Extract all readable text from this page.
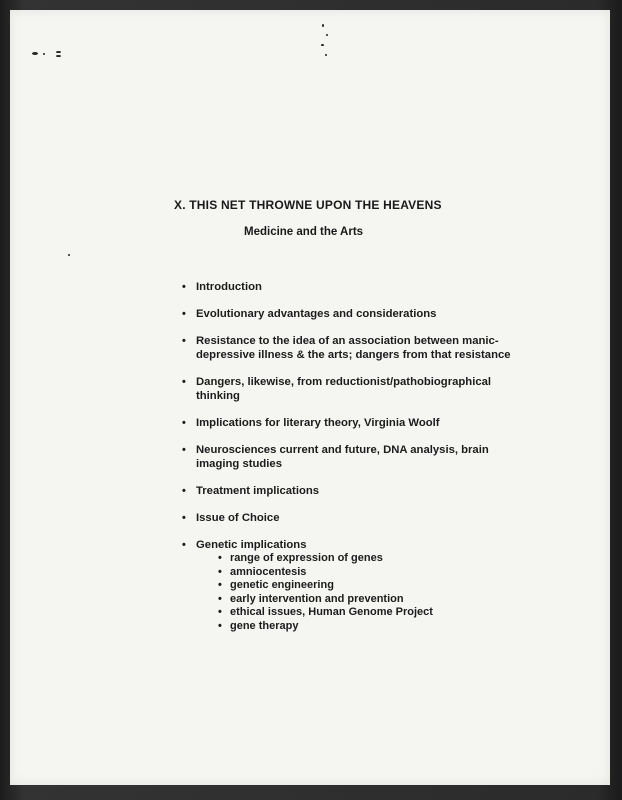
X. THIS NET THROWNE UPON THE HEAVENS
Medicine and the Arts
• Introduction
• Evolutionary advantages and considerations
• Resistance to the idea of an association between manic-depressive illness & the arts; dangers from that resistance
• Dangers, likewise, from reductionist/pathobiographical thinking
• Implications for literary theory, Virginia Woolf
• Neurosciences current and future, DNA analysis, brain imaging studies
• Treatment implications
• Issue of Choice
• Genetic implications
• range of expression of genes
• amniocentesis
• genetic engineering
• early intervention and prevention
• ethical issues, Human Genome Project
• gene therapy
